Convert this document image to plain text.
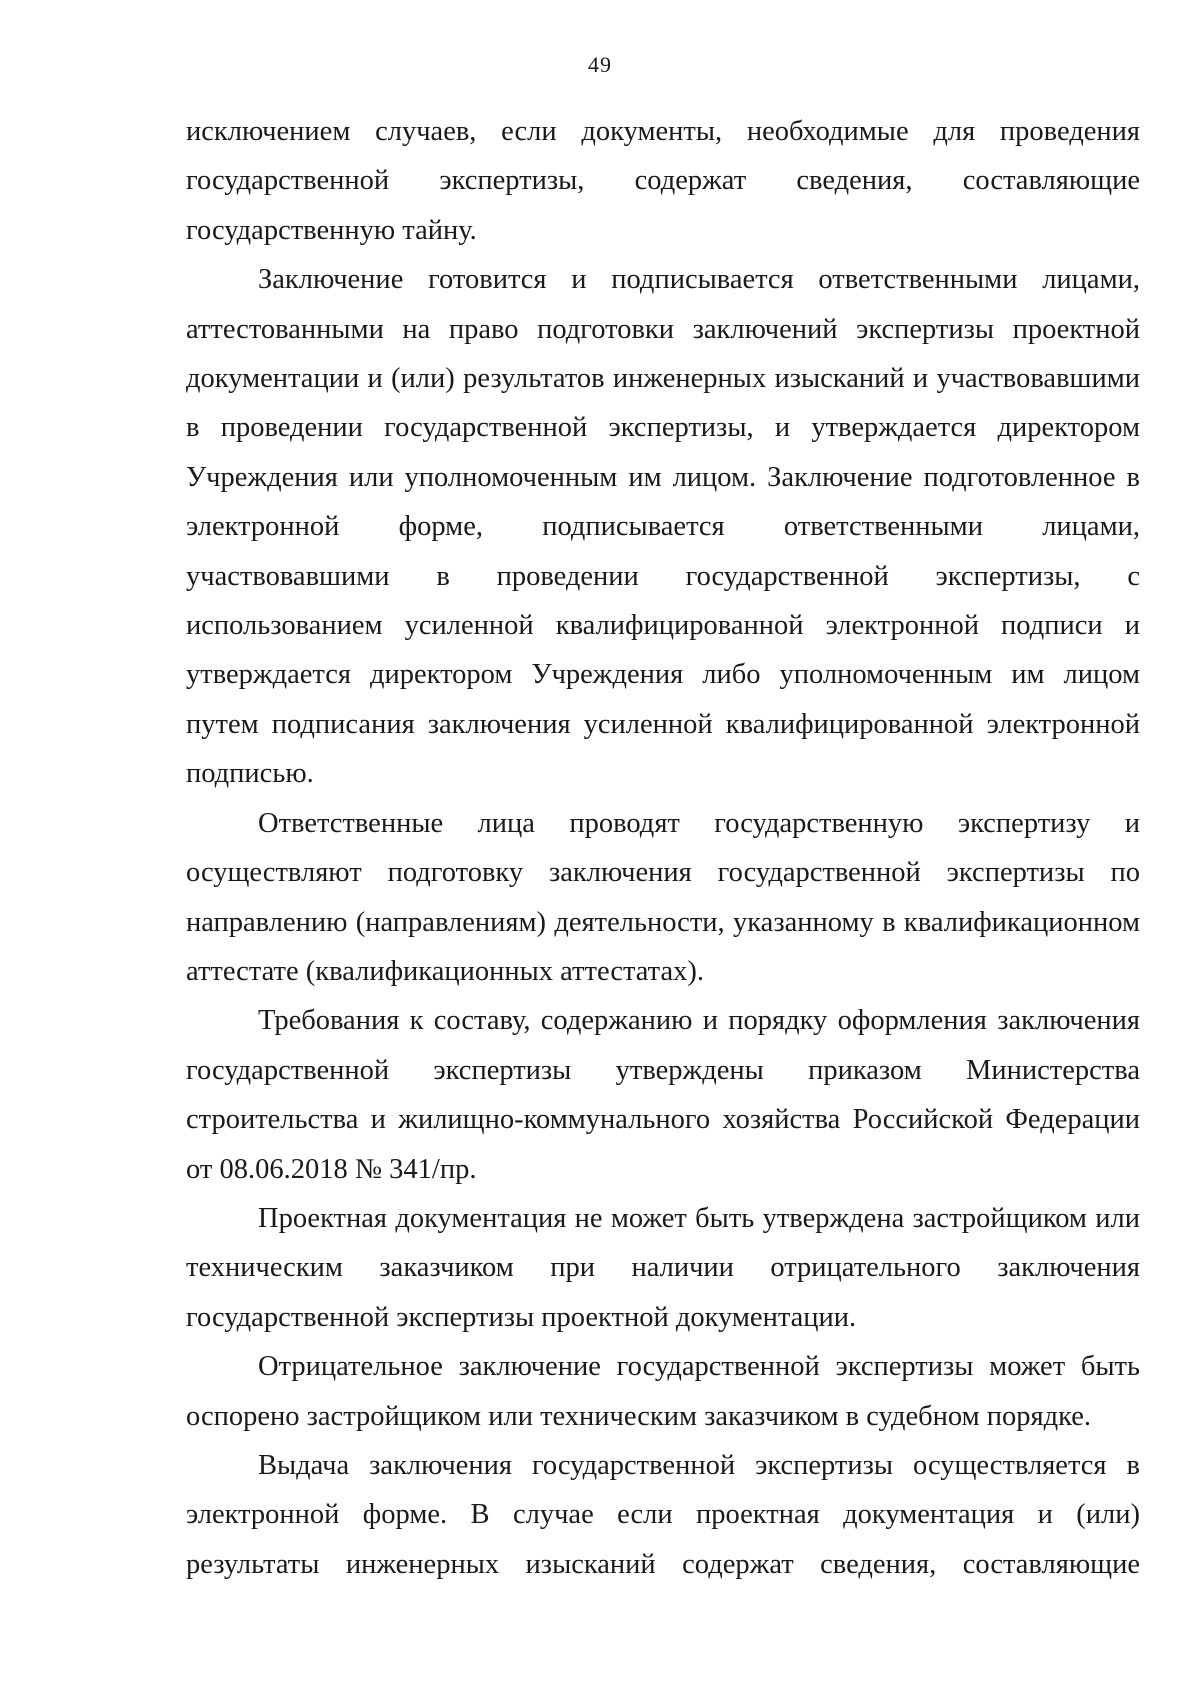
49

исключением случаев, если документы, необходимые для проведения государственной экспертизы, содержат сведения, составляющие государственную тайну.

Заключение готовится и подписывается ответственными лицами, аттестованными на право подготовки заключений экспертизы проектной документации и (или) результатов инженерных изысканий и участвовавшими в проведении государственной экспертизы, и утверждается директором Учреждения или уполномоченным им лицом. Заключение подготовленное в электронной форме, подписывается ответственными лицами, участвовавшими в проведении государственной экспертизы, с использованием усиленной квалифицированной электронной подписи и утверждается директором Учреждения либо уполномоченным им лицом путем подписания заключения усиленной квалифицированной электронной подписью.

Ответственные лица проводят государственную экспертизу и осуществляют подготовку заключения государственной экспертизы по направлению (направлениям) деятельности, указанному в квалификационном аттестате (квалификационных аттестатах).

Требования к составу, содержанию и порядку оформления заключения государственной экспертизы утверждены приказом Министерства строительства и жилищно-коммунального хозяйства Российской Федерации от 08.06.2018 № 341/пр.

Проектная документация не может быть утверждена застройщиком или техническим заказчиком при наличии отрицательного заключения государственной экспертизы проектной документации.

Отрицательное заключение государственной экспертизы может быть оспорено застройщиком или техническим заказчиком в судебном порядке.

Выдача заключения государственной экспертизы осуществляется в электронной форме. В случае если проектная документация и (или) результаты инженерных изысканий содержат сведения, составляющие
